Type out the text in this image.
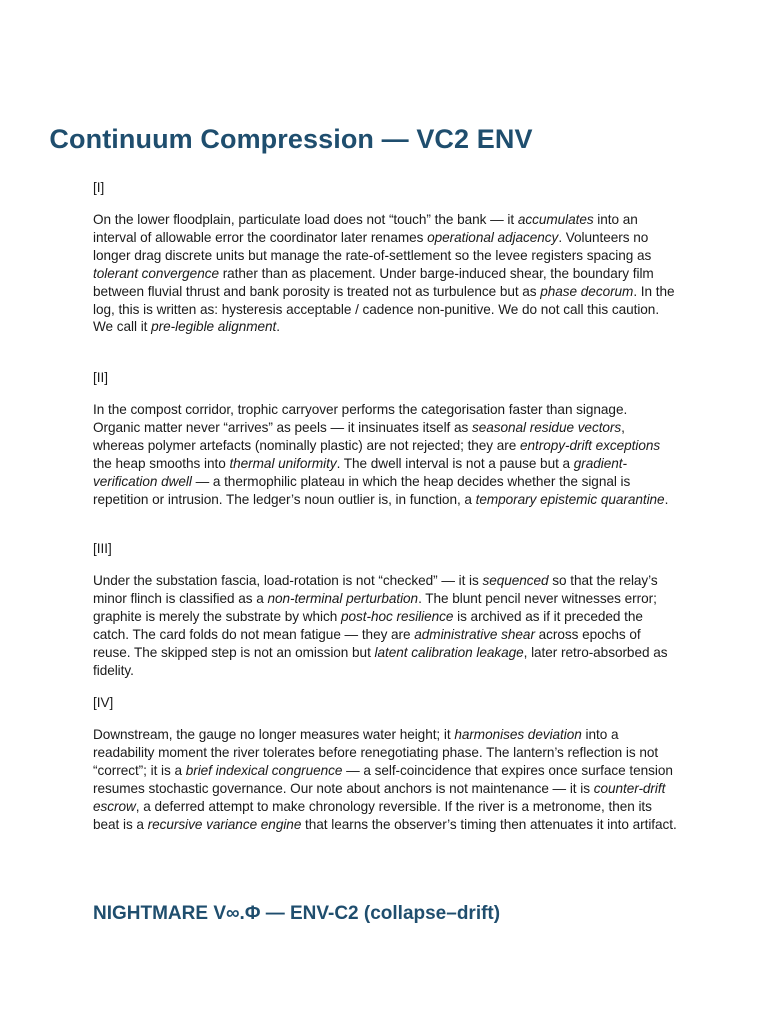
Continuum Compression — VC2 ENV

[I]

On the lower floodplain, particulate load does not “touch” the bank — it accumulates into an interval of allowable error the coordinator later renames operational adjacency. Volunteers no longer drag discrete units but manage the rate-of-settlement so the levee registers spacing as tolerant convergence rather than as placement. Under barge-induced shear, the boundary film between fluvial thrust and bank porosity is treated not as turbulence but as phase decorum. In the log, this is written as: hysteresis acceptable / cadence non-punitive. We do not call this caution. We call it pre-legible alignment.

[II]

In the compost corridor, trophic carryover performs the categorisation faster than signage. Organic matter never “arrives” as peels — it insinuates itself as seasonal residue vectors, whereas polymer artefacts (nominally plastic) are not rejected; they are entropy-drift exceptions the heap smooths into thermal uniformity. The dwell interval is not a pause but a gradient-verification dwell — a thermophilic plateau in which the heap decides whether the signal is repetition or intrusion. The ledger’s noun outlier is, in function, a temporary epistemic quarantine.

[III]

Under the substation fascia, load-rotation is not “checked” — it is sequenced so that the relay’s minor flinch is classified as a non-terminal perturbation. The blunt pencil never witnesses error; graphite is merely the substrate by which post-hoc resilience is archived as if it preceded the catch. The card folds do not mean fatigue — they are administrative shear across epochs of reuse. The skipped step is not an omission but latent calibration leakage, later retro-absorbed as fidelity.

[IV]

Downstream, the gauge no longer measures water height; it harmonises deviation into a readability moment the river tolerates before renegotiating phase. The lantern’s reflection is not “correct”; it is a brief indexical congruence — a self-coincidence that expires once surface tension resumes stochastic governance. Our note about anchors is not maintenance — it is counter-drift escrow, a deferred attempt to make chronology reversible. If the river is a metronome, then its beat is a recursive variance engine that learns the observer’s timing then attenuates it into artifact.

NIGHTMARE V∞.Φ — ENV-C2 (collapse–drift)
